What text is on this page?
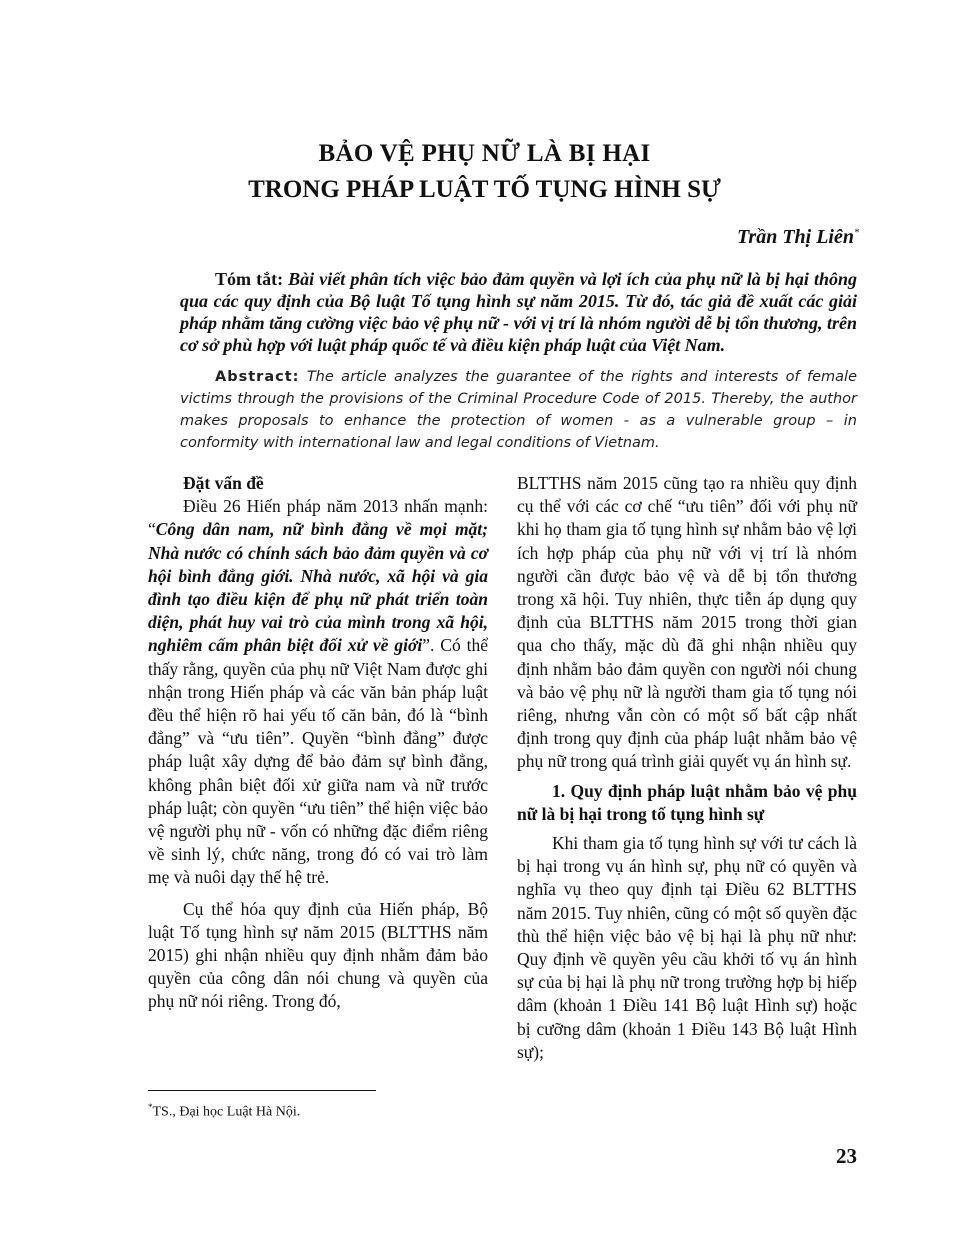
BẢO VỆ PHỤ NỮ LÀ BỊ HẠI
TRONG PHÁP LUẬT TỐ TỤNG HÌNH SỰ
Trần Thị Liên*

Tóm tắt: Bài viết phân tích việc bảo đảm quyền và lợi ích của phụ nữ là bị hại thông qua các quy định của Bộ luật Tố tụng hình sự năm 2015. Từ đó, tác giả đề xuất các giải pháp nhằm tăng cường việc bảo vệ phụ nữ - với vị trí là nhóm người dễ bị tổn thương, trên cơ sở phù hợp với luật pháp quốc tế và điều kiện pháp luật của Việt Nam.

Abstract: The article analyzes the guarantee of the rights and interests of female victims through the provisions of the Criminal Procedure Code of 2015. Thereby, the author makes proposals to enhance the protection of women - as a vulnerable group – in conformity with international law and legal conditions of Vietnam.

Đặt vấn đề

Điều 26 Hiến pháp năm 2013 nhấn mạnh: “Công dân nam, nữ bình đẳng về mọi mặt; Nhà nước có chính sách bảo đảm quyền và cơ hội bình đẳng giới. Nhà nước, xã hội và gia đình tạo điều kiện để phụ nữ phát triển toàn diện, phát huy vai trò của mình trong xã hội, nghiêm cấm phân biệt đối xử về giới”. Có thể thấy rằng, quyền của phụ nữ Việt Nam được ghi nhận trong Hiến pháp và các văn bản pháp luật đều thể hiện rõ hai yếu tố căn bản, đó là “bình đẳng” và “ưu tiên”. Quyền “bình đẳng” được pháp luật xây dựng để bảo đảm sự bình đẳng, không phân biệt đối xử giữa nam và nữ trước pháp luật; còn quyền “ưu tiên” thể hiện việc bảo vệ người phụ nữ - vốn có những đặc điểm riêng về sinh lý, chức năng, trong đó có vai trò làm mẹ và nuôi dạy thế hệ trẻ.

Cụ thể hóa quy định của Hiến pháp, Bộ luật Tố tụng hình sự năm 2015 (BLTTHS năm 2015) ghi nhận nhiều quy định nhằm đảm bảo quyền của công dân nói chung và quyền của phụ nữ nói riêng. Trong đó,

BLTTHS năm 2015 cũng tạo ra nhiều quy định cụ thể với các cơ chế “ưu tiên” đối với phụ nữ khi họ tham gia tố tụng hình sự nhằm bảo vệ lợi ích hợp pháp của phụ nữ với vị trí là nhóm người cần được bảo vệ và dễ bị tổn thương trong xã hội. Tuy nhiên, thực tiễn áp dụng quy định của BLTTHS năm 2015 trong thời gian qua cho thấy, mặc dù đã ghi nhận nhiều quy định nhằm bảo đảm quyền con người nói chung và bảo vệ phụ nữ là người tham gia tố tụng nói riêng, nhưng vẫn còn có một số bất cập nhất định trong quy định của pháp luật nhằm bảo vệ phụ nữ trong quá trình giải quyết vụ án hình sự.

1. Quy định pháp luật nhằm bảo vệ phụ nữ là bị hại trong tố tụng hình sự

Khi tham gia tố tụng hình sự với tư cách là bị hại trong vụ án hình sự, phụ nữ có quyền và nghĩa vụ theo quy định tại Điều 62 BLTTHS năm 2015. Tuy nhiên, cũng có một số quyền đặc thù thể hiện việc bảo vệ bị hại là phụ nữ như: Quy định về quyền yêu cầu khởi tố vụ án hình sự của bị hại là phụ nữ trong trường hợp bị hiếp dâm (khoản 1 Điều 141 Bộ luật Hình sự) hoặc bị cưỡng dâm (khoản 1 Điều 143 Bộ luật Hình sự);

*TS., Đại học Luật Hà Nội.
23
